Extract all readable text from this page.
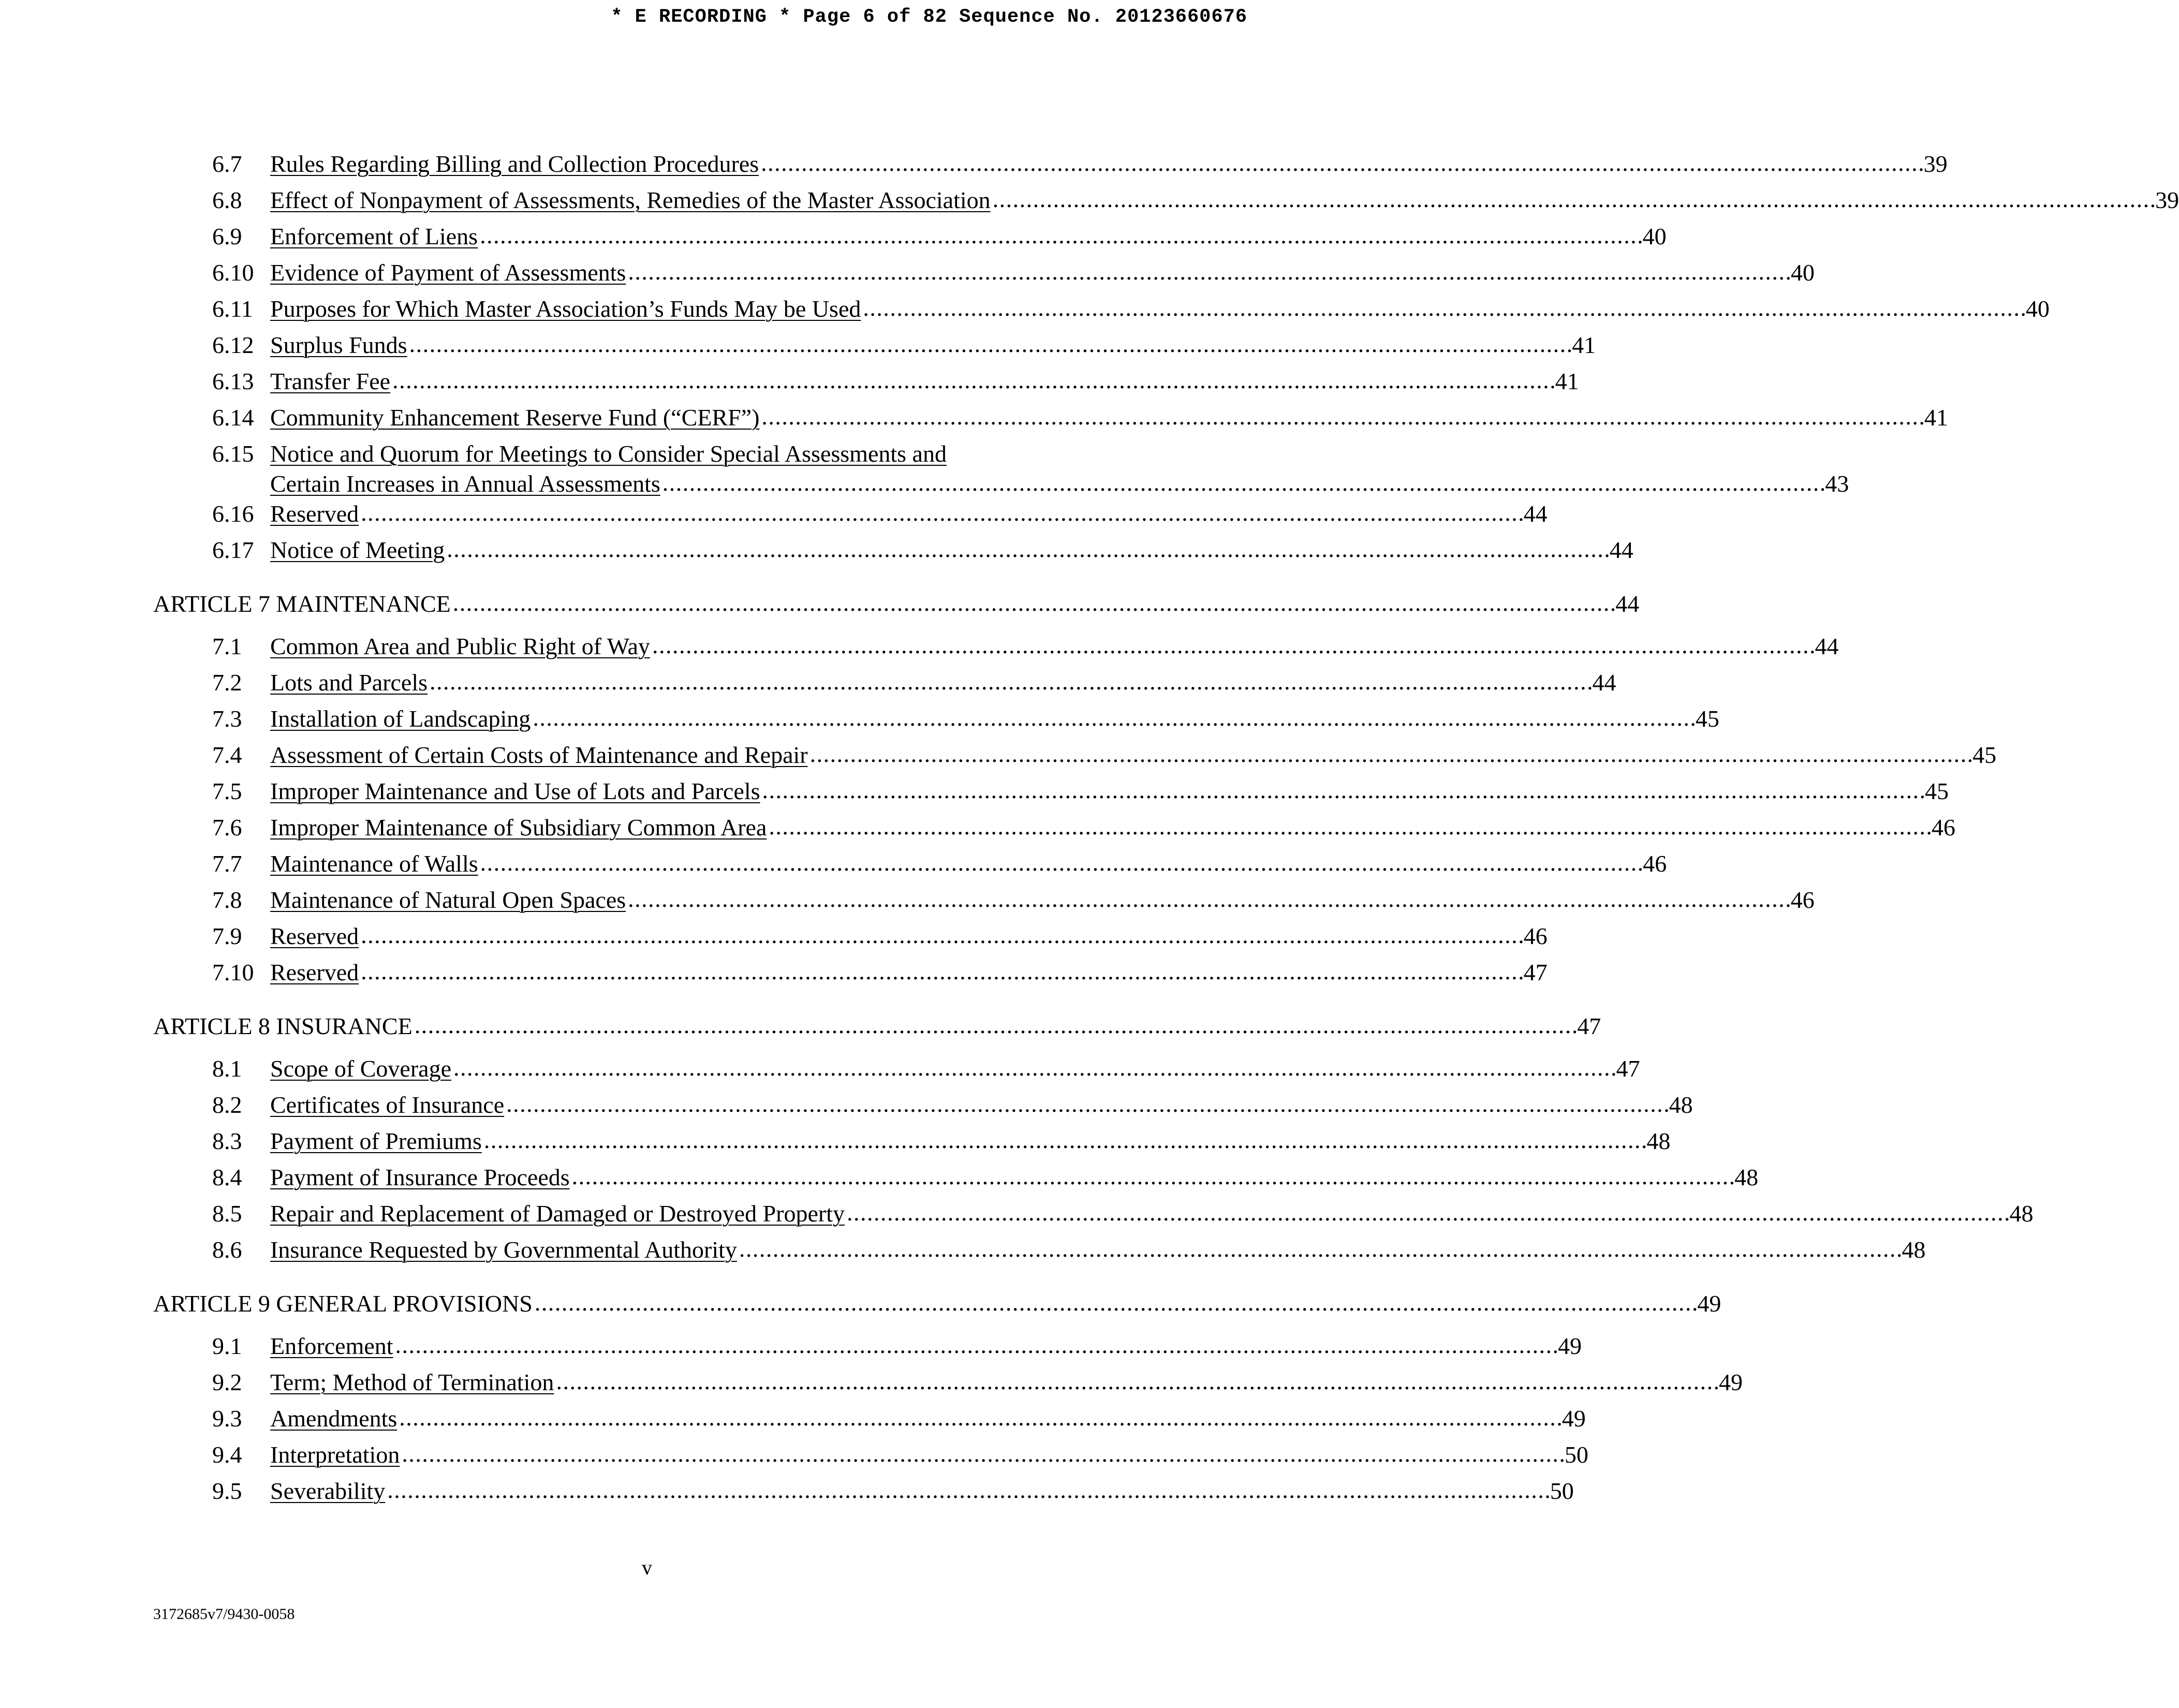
* E RECORDING * Page 6 of 82 Sequence No. 20123660676
6.7	Rules Regarding Billing and Collection Procedures . . .	39
6.8	Effect of Nonpayment of Assessments, Remedies of the Master Association . . .	39
6.9	Enforcement of Liens . . .	40
6.10 Evidence of Payment of Assessments . . .	40
6.11 Purposes for Which Master Association’s Funds May be Used . . .	40
6.12 Surplus Funds . . .	41
6.13 Transfer Fee . . .	41
6.14 Community Enhancement Reserve Fund (“CERF”) . . .	41
6.15 Notice and Quorum for Meetings to Consider Special Assessments and
Certain Increases in Annual Assessments . . .	43
6.16 Reserved . . .	44
6.17 Notice of Meeting . . .	44
ARTICLE 7 MAINTENANCE . . .	44
7.1	Common Area and Public Right of Way . . .	44
7.2	Lots and Parcels . . .	44
7.3	Installation of Landscaping . . .	45
7.4	Assessment of Certain Costs of Maintenance and Repair . . .	45
7.5	Improper Maintenance and Use of Lots and Parcels . . .	45
7.6	Improper Maintenance of Subsidiary Common Area . . .	46
7.7	Maintenance of Walls . . .	46
7.8	Maintenance of Natural Open Spaces . . .	46
7.9	Reserved . . .	46
7.10 Reserved . . .	47
ARTICLE 8 INSURANCE . . .	47
8.1	Scope of Coverage . . .	47
8.2	Certificates of Insurance . . .	48
8.3	Payment of Premiums . . .	48
8.4	Payment of Insurance Proceeds . . .	48
8.5	Repair and Replacement of Damaged or Destroyed Property . . .	48
8.6	Insurance Requested by Governmental Authority . . .	48
ARTICLE 9 GENERAL PROVISIONS . . .	49
9.1	Enforcement . . .	49
9.2	Term; Method of Termination . . .	49
9.3	Amendments . . .	49
9.4	Interpretation . . .	50
9.5	Severability . . .	50
v
3172685v7/9430-0058
